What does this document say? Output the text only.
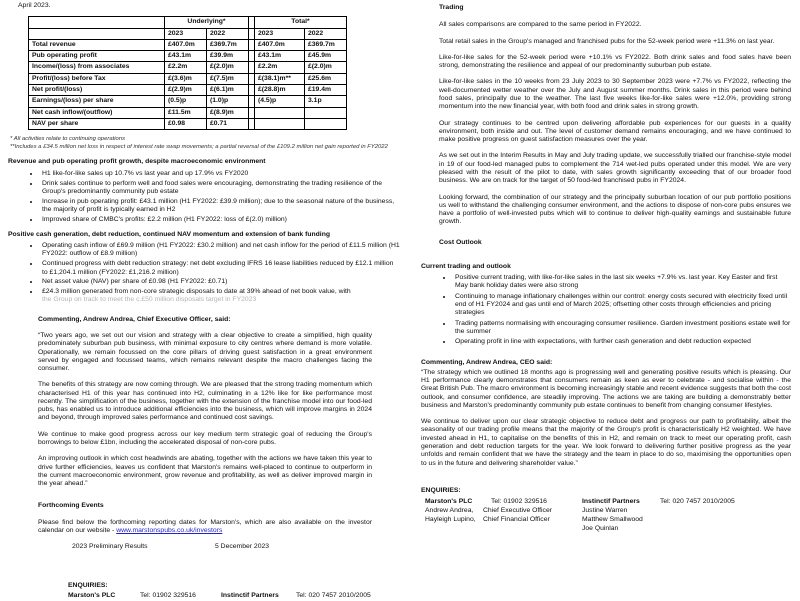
April 2023.
	Underlying*			Total*	
	2023	2022		2023	2022
Total revenue	£407.0m	£369.7m		£407.0m	£369.7m
Pub operating profit	£43.1m	£39.9m		£43.1m	£45.9m
Income/(loss) from associates	£2.2m	£(2.0)m		£2.2m	£(2.0)m
Profit/(loss) before Tax	£(3.6)m	£(7.5)m		£(38.1)m**	£25.6m
Net profit/(loss)	£(2.9)m	£(6.1)m		£(28.8)m	£19.4m
Earnings/(loss) per share	(0.5)p	(1.0)p		(4.5)p	3.1p
Net cash inflow/(outflow)	£11.5m	£(8.9)m			
NAV per share	£0.98	£0.71			
* All activities relate to continuing operations
**Includes a £34.5 million net loss in respect of interest rate swap movements; a partial reversal of the £109.2 million net gain reported in FY2022
Revenue and pub operating profit growth, despite macroeconomic environment
• H1 like-for-like sales up 10.7% vs last year and up 17.9% vs FY2020
• Drink sales continue to perform well and food sales were encouraging, demonstrating the trading resilience of the Group's predominantly community pub estate
• Increase in pub operating profit: £43.1 million (H1 FY2022: £39.9 million); due to the seasonal nature of the business, the majority of profit is typically earned in H2
• Improved share of CMBC's profits: £2.2 million (H1 FY2022: loss of £(2.0) million)
Positive cash generation, debt reduction, continued NAV momentum and extension of bank funding
• Operating cash inflow of £69.9 million (H1 FY2022: £30.2 million) and net cash inflow for the period of £11.5 million (H1 FY2022: outflow of £8.9 million)
• Continued progress with debt reduction strategy: net debt excluding IFRS 16 lease liabilities reduced by £12.1 million to £1,204.1 million (FY2022: £1,216.2 million)
• Net asset value (NAV) per share of £0.98 (H1 FY2022: £0.71)
• £24.3 million generated from non-core strategic disposals to date at 39% ahead of net book value, with
the Group on track to meet the c.£50 million disposals target in FY2023
Commenting, Andrew Andrea, Chief Executive Officer, said:

“Two years ago, we set out our vision and strategy with a clear objective to create a simplified, high quality predominately suburban pub business, with minimal exposure to city centres where demand is more volatile. Operationally, we remain focussed on the core pillars of driving guest satisfaction in a great environment served by engaged and focussed teams, which remains relevant despite the macro challenges facing the consumer.

The benefits of this strategy are now coming through. We are pleased that the strong trading momentum which characterised H1 of this year has continued into H2, culminating in a 12% like for like performance most recently. The simplification of the business, together with the extension of the franchise model into our food-led pubs, has enabled us to introduce additional efficiencies into the business, which will improve margins in 2024 and beyond, through improved sales performance and continued cost savings.

We continue to make good progress across our key medium term strategic goal of reducing the Group's borrowings to below £1bn, including the accelerated disposal of non-core pubs.

An improving outlook in which cost headwinds are abating, together with the actions we have taken this year to drive further efficiencies, leaves us confident that Marston's remains well-placed to continue to outperform in the current macroeconomic environment, grow revenue and profitability, as well as deliver improved margin in the year ahead.”

Forthcoming Events

Please find below the forthcoming reporting dates for Marston's, which are also available on the investor calendar on our website - www.marstonspubs.co.uk/investors

2023 Preliminary Results	5 December 2023
ENQUIRIES:
Marston's PLC	Tel: 01902 329516	Instinctif Partners	Tel: 020 7457 2010/2005
Trading

All sales comparisons are compared to the same period in FY2022.

Total retail sales in the Group's managed and franchised pubs for the 52-week period were +11.3% on last year.

Like-for-like sales for the 52-week period were +10.1% vs FY2022. Both drink sales and food sales have been strong, demonstrating the resilience and appeal of our predominantly suburban pub estate.

Like-for-like sales in the 10 weeks from 23 July 2023 to 30 September 2023 were +7.7% vs FY2022, reflecting the well-documented wetter weather over the July and August summer months. Drink sales in this period were behind food sales, principally due to the weather. The last five weeks like-for-like sales were +12.0%, providing strong momentum into the new financial year, with both food and drink sales in strong growth.

Our strategy continues to be centred upon delivering affordable pub experiences for our guests in a quality environment, both inside and out. The level of customer demand remains encouraging, and we have continued to make positive progress on guest satisfaction measures over the year.

As we set out in the Interim Results in May and July trading update, we successfully trialled our franchise-style model in 19 of our food-led managed pubs to complement the 714 wet-led pubs operated under this model. We are very pleased with the result of the pilot to date, with sales growth significantly exceeding that of our broader food business. We are on track for the target of 50 food-led franchised pubs in FY2024.

Looking forward, the combination of our strategy and the principally suburban location of our pub portfolio positions us well to withstand the challenging consumer environment, and the actions to dispose of non-core pubs ensures we have a portfolio of well-invested pubs which will to continue to deliver high-quality earnings and sustainable future growth.

Cost Outlook
Current trading and outlook
• Positive current trading, with like-for-like sales in the last six weeks +7.9% vs. last year. Key Easter and first May bank holiday dates were also strong
• Continuing to manage inflationary challenges within our control: energy costs secured with electricity fixed until end of H1 FY2024 and gas until end of March 2025; offsetting other costs through efficiencies and pricing strategies
• Trading patterns normalising with encouraging consumer resilience. Garden investment positions estate well for the summer
• Operating profit in line with expectations, with further cash generation and debt reduction expected
Commenting, Andrew Andrea, CEO said:

“The strategy which we outlined 18 months ago is progressing well and generating positive results which is pleasing. Our H1 performance clearly demonstrates that consumers remain as keen as ever to celebrate - and socialise within - the Great British Pub. The macro environment is becoming increasingly stable and recent evidence suggests that both the cost outlook, and consumer confidence, are steadily improving. The actions we are taking are building a demonstrably better business and Marston's predominantly community pub estate continues to benefit from changing consumer lifestyles.

We continue to deliver upon our clear strategic objective to reduce debt and progress our path to profitability, albeit the seasonality of our trading profile means that the majority of the Group's profit is characteristically H2 weighted. We have invested ahead in H1, to capitalise on the benefits of this in H2, and remain on track to meet our operating profit, cash generation and debt reduction targets for the year. We look forward to delivering further positive progress as the year unfolds and remain confident that we have the strategy and the team in place to do so, maximising the opportunities open to us in the future and delivering shareholder value.”

ENQUIRIES:
Marston's PLC	Tel: 01902 329516	Instinctif Partners	Tel: 020 7457 2010/2005
Andrew Andrea,	Chief Executive Officer	Justine Warren
Hayleigh Lupino,	Chief Financial Officer	Matthew Smallwood
Joe Quinlan
